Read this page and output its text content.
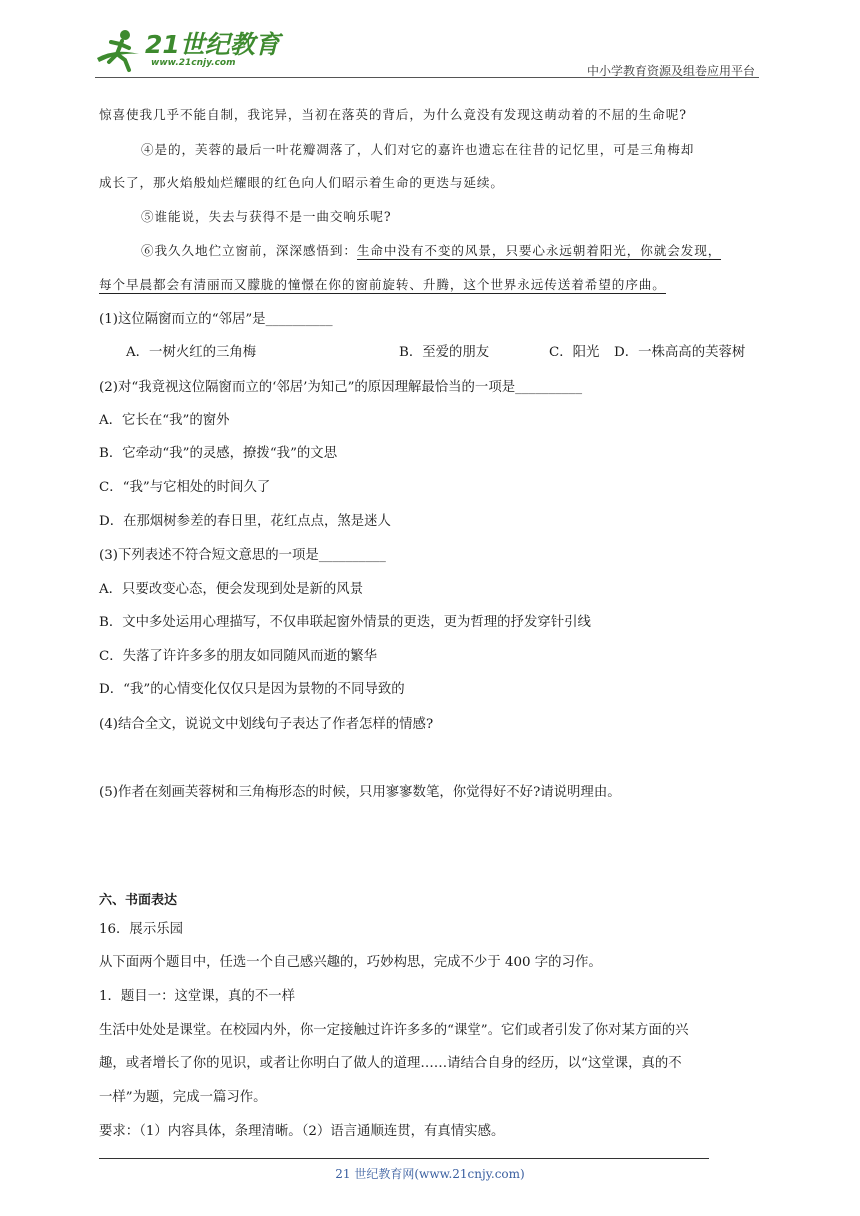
21世纪教育
www.21cnjy.com
中小学教育资源及组卷应用平台
惊喜使我几乎不能自制，我诧异，当初在落英的背后，为什么竟没有发现这萌动着的不屈的生命呢?
④是的，芙蓉的最后一叶花瓣凋落了，人们对它的嘉许也遗忘在往昔的记忆里，可是三角梅却
成长了，那火焰般灿烂耀眼的红色向人们昭示着生命的更迭与延续。
⑤谁能说，失去与获得不是一曲交响乐呢?
⑥我久久地伫立窗前，深深感悟到：生命中没有不变的风景，只要心永远朝着阳光，你就会发现，
每个早晨都会有清丽而又朦胧的憧憬在你的窗前旋转、升腾，这个世界永远传送着希望的序曲。
(1)这位隔窗而立的“邻居”是__________
A．一树火红的三角梅	B．至爱的朋友	C．阳光 D．一株高高的芙蓉树
(2)对“我竟视这位隔窗而立的‘邻居’为知己”的原因理解最恰当的一项是__________
A．它长在“我”的窗外
B．它牵动“我”的灵感，撩拨“我”的文思
C．“我”与它相处的时间久了
D．在那烟树参差的春日里，花红点点，煞是迷人
(3)下列表述不符合短文意思的一项是__________
A．只要改变心态，便会发现到处是新的风景
B．文中多处运用心理描写，不仅串联起窗外情景的更迭，更为哲理的抒发穿针引线
C．失落了许许多多的朋友如同随风而逝的繁华
D．“我”的心情变化仅仅只是因为景物的不同导致的
(4)结合全文，说说文中划线句子表达了作者怎样的情感?
(5)作者在刻画芙蓉树和三角梅形态的时候，只用寥寥数笔，你觉得好不好?请说明理由。
六、书面表达
16．展示乐园
从下面两个题目中，任选一个自己感兴趣的，巧妙构思，完成不少于 400 字的习作。
1．题目一：这堂课，真的不一样
生活中处处是课堂。在校园内外，你一定接触过许许多多的“课堂”。它们或者引发了你对某方面的兴
趣，或者增长了你的见识，或者让你明白了做人的道理……请结合自身的经历，以“这堂课，真的不
一样”为题，完成一篇习作。
要求：（1）内容具体，条理清晰。（2）语言通顺连贯，有真情实感。
21 世纪教育网(www.21cnjy.com)
